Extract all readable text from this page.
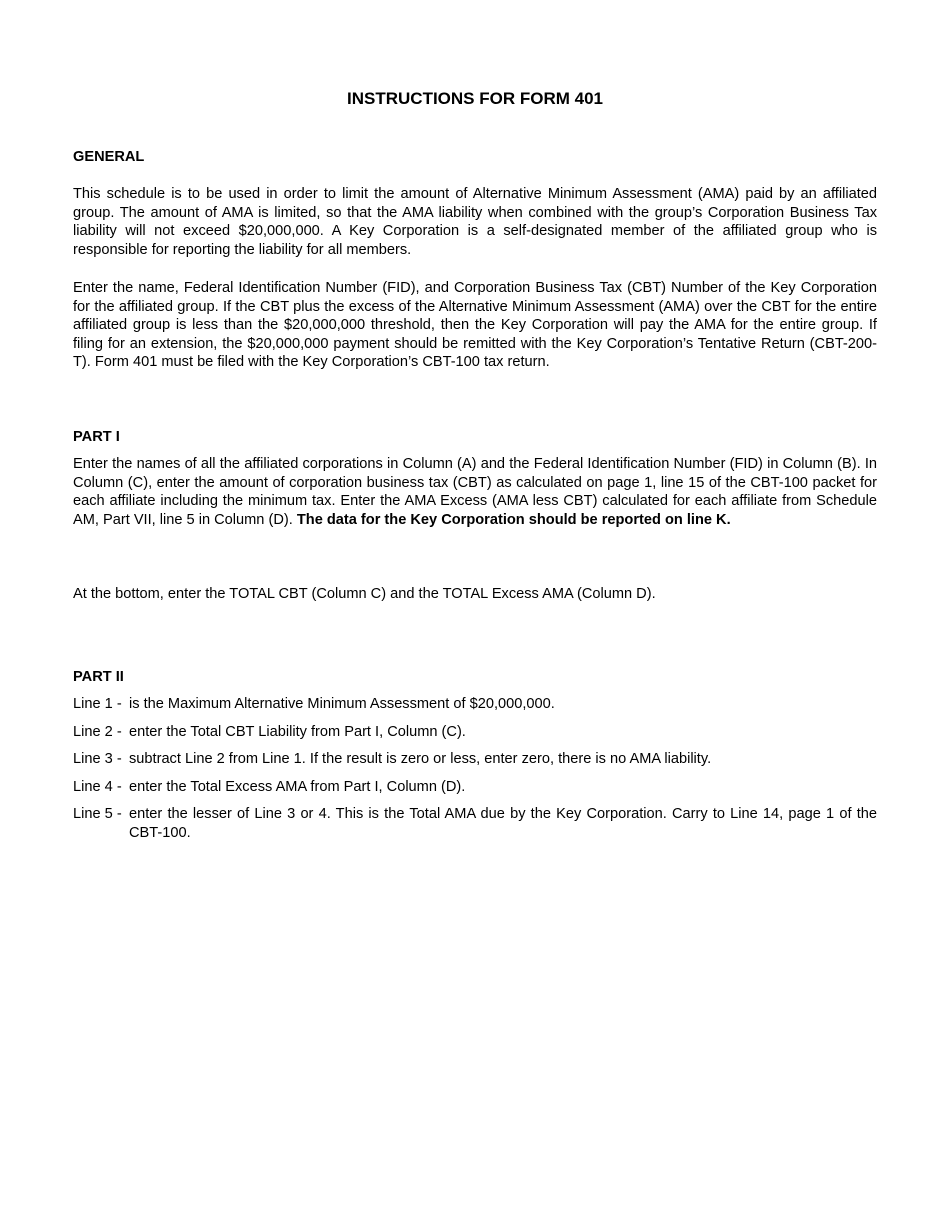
INSTRUCTIONS FOR FORM 401
GENERAL

This schedule is to be used in order to limit the amount of Alternative Minimum Assessment (AMA) paid by an affiliated group. The amount of AMA is limited, so that the AMA liability when combined with the group’s Corporation Business Tax liability will not exceed $20,000,000. A Key Corporation is a self-designated member of the affiliated group who is responsible for reporting the liability for all members.

Enter the name, Federal Identification Number (FID), and Corporation Business Tax (CBT) Number of the Key Corporation for the affiliated group. If the CBT plus the excess of the Alternative Minimum Assessment (AMA) over the CBT for the entire affiliated group is less than the $20,000,000 threshold, then the Key Corporation will pay the AMA for the entire group. If filing for an extension, the $20,000,000 payment should be remitted with the Key Corporation’s Tentative Return (CBT-200-T). Form 401 must be filed with the Key Corporation’s CBT-100 tax return.

PART I

Enter the names of all the affiliated corporations in Column (A) and the Federal Identification Number (FID) in Column (B). In Column (C), enter the amount of corporation business tax (CBT) as calculated on page 1, line 15 of the CBT-100 packet for each affiliate including the minimum tax. Enter the AMA Excess (AMA less CBT) calculated for each affiliate from Schedule AM, Part VII, line 5 in Column (D). The data for the Key Corporation should be reported on line K.

At the bottom, enter the TOTAL CBT (Column C) and the TOTAL Excess AMA (Column D).

PART II
Line 1 - is the Maximum Alternative Minimum Assessment of $20,000,000.
Line 2 - enter the Total CBT Liability from Part I, Column (C).
Line 3 - subtract Line 2 from Line 1. If the result is zero or less, enter zero, there is no AMA liability.
Line 4 - enter the Total Excess AMA from Part I, Column (D).
Line 5 - enter the lesser of Line 3 or 4. This is the Total AMA due by the Key Corporation. Carry to Line 14, page 1 of the CBT-100.
